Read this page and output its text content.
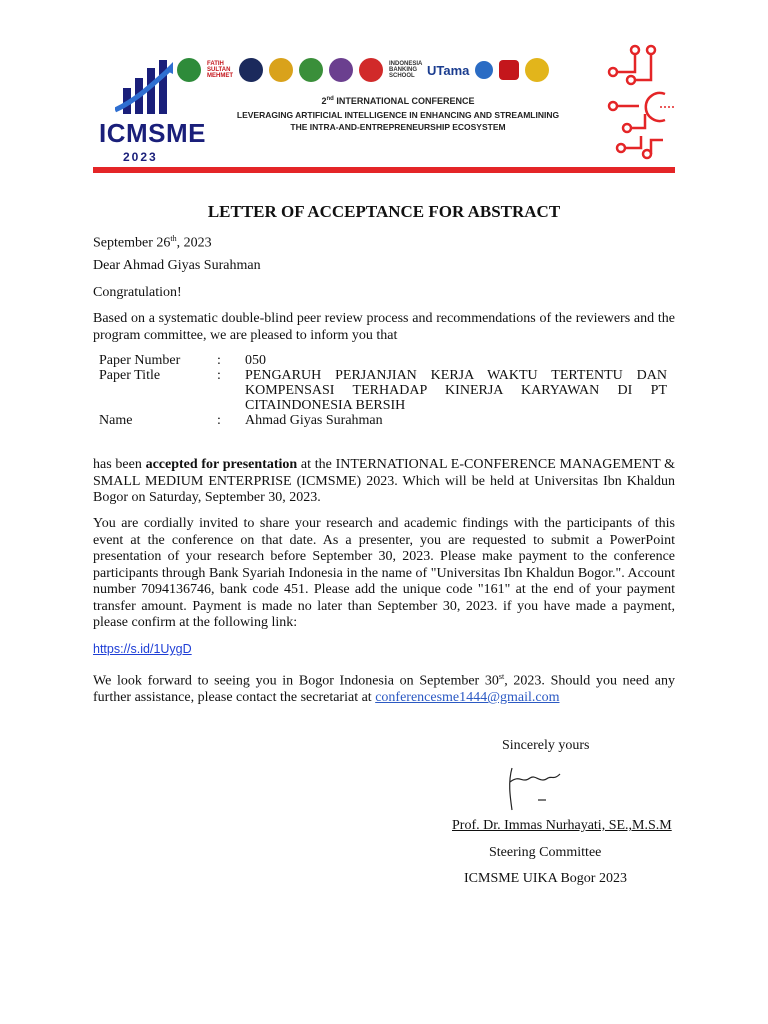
ICMSME
2023
FATIH SULTAN MEHMET
INDONESIA BANKING SCHOOL UTama
2nd INTERNATIONAL CONFERENCE
LEVERAGING ARTIFICIAL INTELLIGENCE IN ENHANCING AND STREAMLINING
THE INTRA-AND-ENTREPRENEURSHIP ECOSYSTEM
LETTER OF ACCEPTANCE FOR ABSTRACT
September 26th, 2023
Dear Ahmad Giyas Surahman
Congratulation!
Based on a systematic double-blind peer review process and recommendations of the reviewers and the program committee, we are pleased to inform you that
Paper Number	:	050
Paper Title	:	PENGARUH PERJANJIAN KERJA WAKTU TERTENTU DAN KOMPENSASI TERHADAP KINERJA KARYAWAN DI PT CITAINDONESIA BERSIH
Name	:	Ahmad Giyas Surahman
has been accepted for presentation at the INTERNATIONAL E-CONFERENCE MANAGEMENT & SMALL MEDIUM ENTERPRISE (ICMSME) 2023. Which will be held at Universitas Ibn Khaldun Bogor on Saturday, September 30, 2023.
You are cordially invited to share your research and academic findings with the participants of this event at the conference on that date. As a presenter, you are requested to submit a PowerPoint presentation of your research before September 30, 2023. Please make payment to the conference participants through Bank Syariah Indonesia in the name of "Universitas Ibn Khaldun Bogor.". Account number 7094136746, bank code 451. Please add the unique code "161" at the end of your payment transfer amount. Payment is made no later than September 30, 2023. if you have made a payment, please confirm at the following link:
https://s.id/1UygD
We look forward to seeing you in Bogor Indonesia on September 30st, 2023. Should you need any further assistance, please contact the secretariat at conferencesme1444@gmail.com
Sincerely yours
Prof. Dr. Immas Nurhayati, SE.,M.S.M
Steering Committee
ICMSME UIKA Bogor 2023
